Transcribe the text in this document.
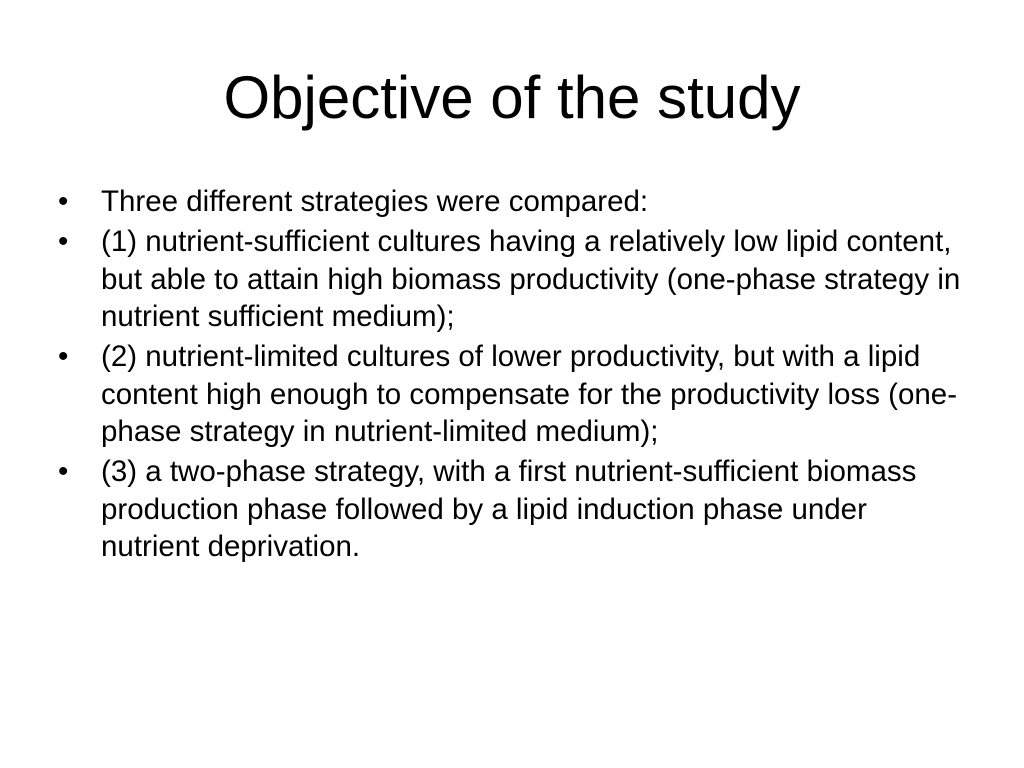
Objective of the study
•	Three different strategies were compared:
•	(1) nutrient-sufficient cultures having a relatively low lipid content, but able to attain high biomass productivity (one-phase strategy in nutrient sufficient medium);
•	(2) nutrient-limited cultures of lower productivity, but with a lipid content high enough to compensate for the productivity loss (one-phase strategy in nutrient-limited medium);
•	(3) a two-phase strategy, with a first nutrient-sufficient biomass production phase followed by a lipid induction phase under nutrient deprivation.
